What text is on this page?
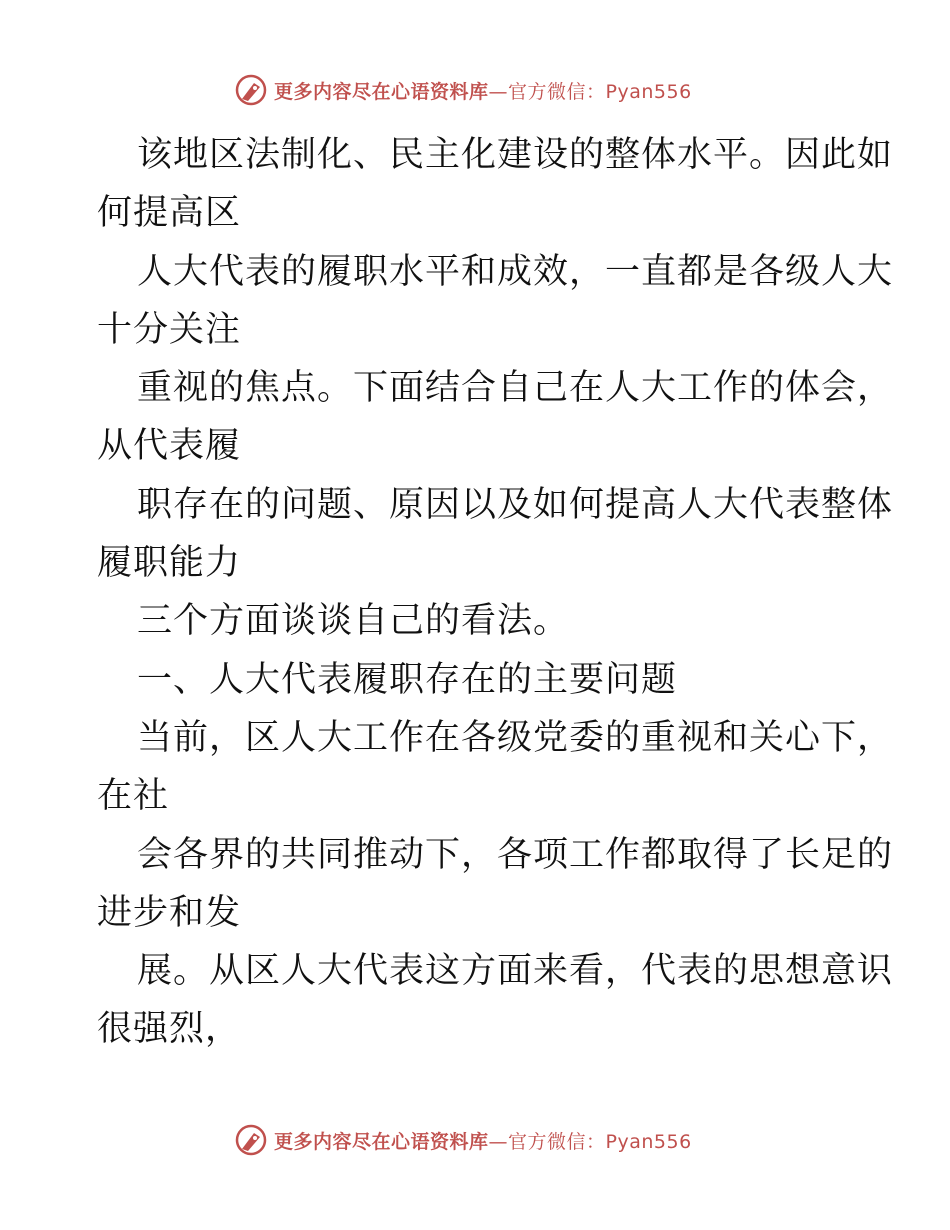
更多内容尽在心语资料库—官方微信：Pyan556
该地区法制化、民主化建设的整体水平。因此如
何提高区
人大代表的履职水平和成效，一直都是各级人大
十分关注
重视的焦点。下面结合自己在人大工作的体会，
从代表履
职存在的问题、原因以及如何提高人大代表整体
履职能力
三个方面谈谈自己的看法。
一、人大代表履职存在的主要问题
当前，区人大工作在各级党委的重视和关心下，
在社
会各界的共同推动下，各项工作都取得了长足的
进步和发
展。从区人大代表这方面来看，代表的思想意识
很强烈，
更多内容尽在心语资料库—官方微信：Pyan556
